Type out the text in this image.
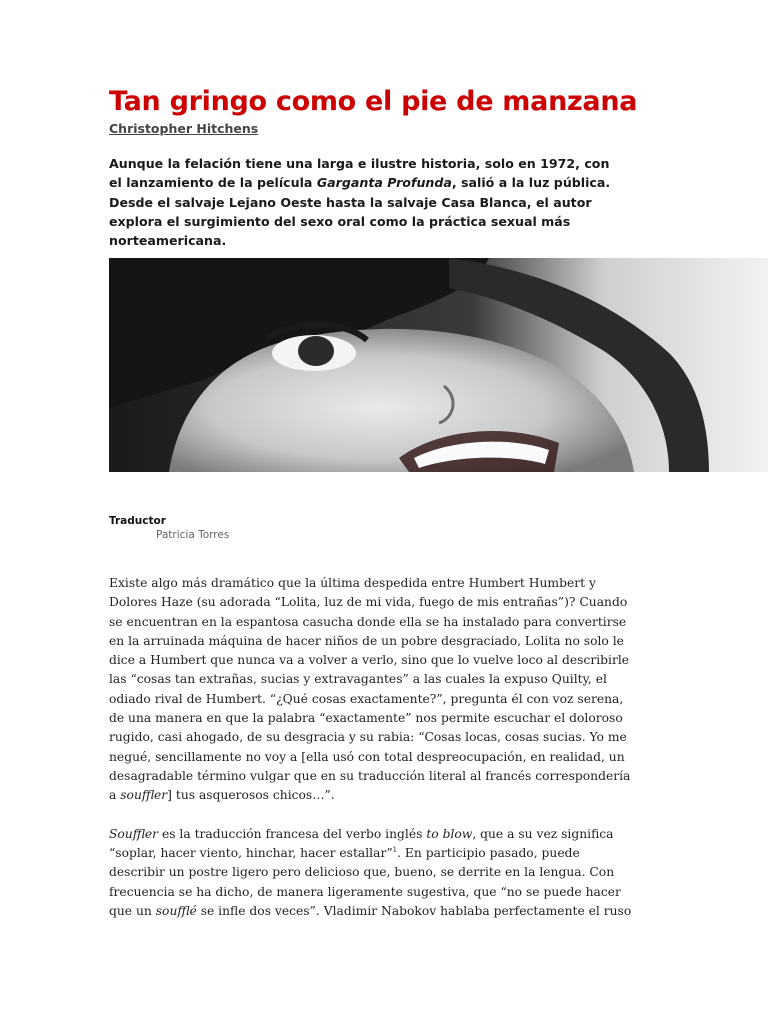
Tan gringo como el pie de manzana
Christopher Hitchens
Aunque la felación tiene una larga e ilustre historia, solo en 1972, con
el lanzamiento de la película Garganta Profunda, salió a la luz pública.
Desde el salvaje Lejano Oeste hasta la salvaje Casa Blanca, el autor
explora el surgimiento del sexo oral como la práctica sexual más
norteamericana.
Traductor
Patricia Torres
Existe algo más dramático que la última despedida entre Humbert Humbert y
Dolores Haze (su adorada “Lolita, luz de mi vida, fuego de mis entrañas”)? Cuando
se encuentran en la espantosa casucha donde ella se ha instalado para convertirse
en la arruinada máquina de hacer niños de un pobre desgraciado, Lolita no solo le
dice a Humbert que nunca va a volver a verlo, sino que lo vuelve loco al describirle
las “cosas tan extrañas, sucias y extravagantes” a las cuales la expuso Quilty, el
odiado rival de Humbert. “¿Qué cosas exactamente?”, pregunta él con voz serena,
de una manera en que la palabra “exactamente” nos permite escuchar el doloroso
rugido, casi ahogado, de su desgracia y su rabia: “Cosas locas, cosas sucias. Yo me
negué, sencillamente no voy a [ella usó con total despreocupación, en realidad, un
desagradable término vulgar que en su traducción literal al francés correspondería
a souffler] tus asquerosos chicos…”.
Souffler es la traducción francesa del verbo inglés to blow, que a su vez significa
“soplar, hacer viento, hinchar, hacer estallar”$^1$. En participio pasado, puede
describir un postre ligero pero delicioso que, bueno, se derrite en la lengua. Con
frecuencia se ha dicho, de manera ligeramente sugestiva, que “no se puede hacer
que un soufflé se infle dos veces”. Vladimir Nabokov hablaba perfectamente el ruso
